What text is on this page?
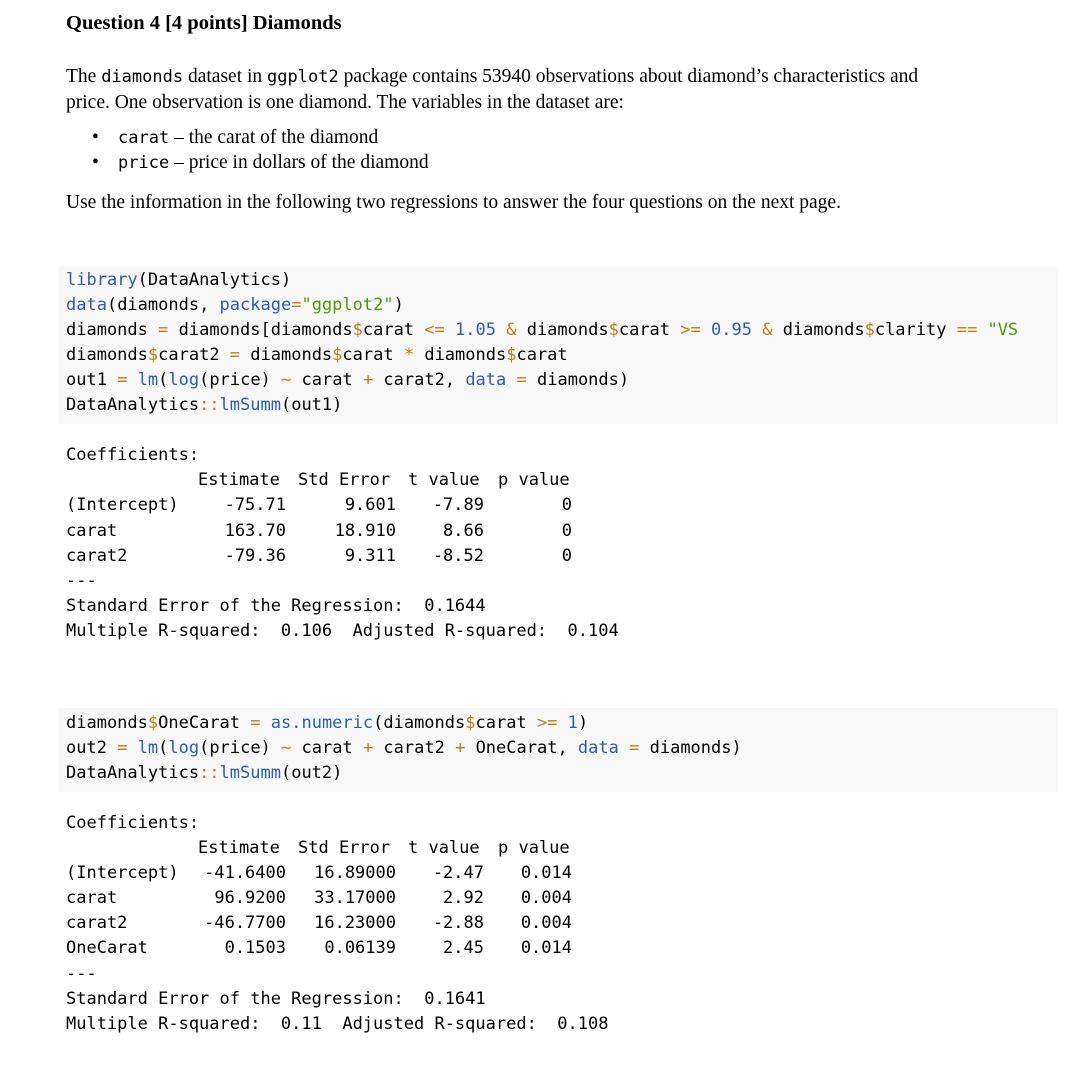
Question 4 [4 points] Diamonds
The diamonds dataset in ggplot2 package contains 53940 observations about diamond’s characteristics and
price. One observation is one diamond. The variables in the dataset are:
• carat – the carat of the diamond
• price – price in dollars of the diamond
Use the information in the following two regressions to answer the four questions on the next page.
library(DataAnalytics)
data(diamonds, package="ggplot2")
diamonds = diamonds[diamonds$carat <= 1.05 & diamonds$carat >= 0.95 & diamonds$clarity == "VS
diamonds$carat2 = diamonds$carat * diamonds$carat
out1 = lm(log(price) ~ carat + carat2, data = diamonds)
DataAnalytics::lmSumm(out1)
Coefficients:
Estimate Std Error t value p value
(Intercept)	-75.71	9.601	-7.89	0
carat	163.70	18.910	8.66	0
carat2	-79.36	9.311	-8.52	0
---
Standard Error of the Regression:  0.1644
Multiple R-squared:  0.106  Adjusted R-squared:  0.104
diamonds$OneCarat = as.numeric(diamonds$carat >= 1)
out2 = lm(log(price) ~ carat + carat2 + OneCarat, data = diamonds)
DataAnalytics::lmSumm(out2)
Coefficients:
Estimate Std Error t value p value
(Intercept)	-41.6400	16.89000	-2.47	0.014
carat	96.9200	33.17000	2.92	0.004
carat2	-46.7700	16.23000	-2.88	0.004
OneCarat	0.1503	0.06139	2.45	0.014
---
Standard Error of the Regression:  0.1641
Multiple R-squared:  0.11  Adjusted R-squared:  0.108
